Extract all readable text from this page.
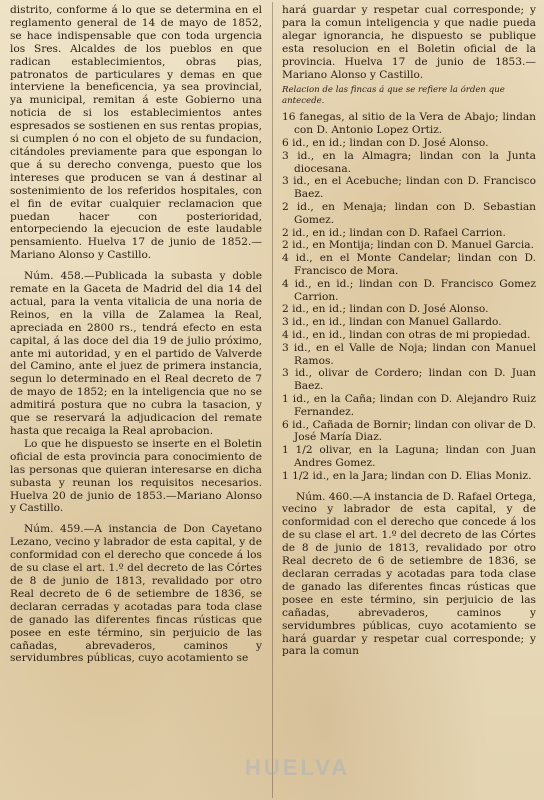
distrito, conforme á lo que se determina en el reglamento general de 14 de mayo de 1852, se hace indispensable que con toda urgencia los Sres. Alcaldes de los pueblos en que radican establecimientos, obras pias, patronatos de particulares y demas en que interviene la beneficencia, ya sea provincial, ya municipal, remitan á este Gobierno una noticia de si los establecimientos antes espresados se sostienen en sus rentas propias, si cumplen ó no con el objeto de su fundacion, citándoles previamente para que espongan lo que á su derecho convenga, puesto que los intereses que producen se van á destinar al sostenimiento de los referidos hospitales, con el fin de evitar cualquier reclamacion que puedan hacer con posterioridad, entorpeciendo la ejecucion de este laudable pensamiento. Huelva 17 de junio de 1852.—Mariano Alonso y Castillo.

Núm. 458.—Publicada la subasta y doble remate en la Gaceta de Madrid del dia 14 del actual, para la venta vitalicia de una noria de Reinos, en la villa de Zalamea la Real, apreciada en 2800 rs., tendrá efecto en esta capital, á las doce del dia 19 de julio próximo, ante mi autoridad, y en el partido de Valverde del Camino, ante el juez de primera instancia, segun lo determinado en el Real decreto de 7 de mayo de 1852; en la inteligencia que no se admitirá postura que no cubra la tasacion, y que se reservará la adjudicacion del remate hasta que recaiga la Real aprobacion.

Lo que he dispuesto se inserte en el Boletin oficial de esta provincia para conocimiento de las personas que quieran interesarse en dicha subasta y reunan los requisitos necesarios. Huelva 20 de junio de 1853.—Mariano Alonso y Castillo.

Núm. 459.—A instancia de Don Cayetano Lezano, vecino y labrador de esta capital, y de conformidad con el derecho que concede á los de su clase el art. 1.º del decreto de las Córtes de 8 de junio de 1813, revalidado por otro Real decreto de 6 de setiembre de 1836, se declaran cerradas y acotadas para toda clase de ganado las diferentes fincas rústicas que posee en este término, sin perjuicio de las cañadas, abrevaderos, caminos y servidumbres públicas, cuyo acotamiento se

hará guardar y respetar cual corresponde; y para la comun inteligencia y que nadie pueda alegar ignorancia, he dispuesto se publique esta resolucion en el Boletin oficial de la provincia. Huelva 17 de junio de 1853.—Mariano Alonso y Castillo.

Relacion de las fincas á que se refiere la órden que antecede.

16 fanegas, al sitio de la Vera de Abajo; lindan con D. Antonio Lopez Ortiz.
6 id., en id.; lindan con D. José Alonso.
3 id., en la Almagra; lindan con la Junta diocesana.
3 id., en el Acebuche; lindan con D. Francisco Baez.
2 id., en Menaja; lindan con D. Sebastian Gomez.
2 id., en id.; lindan con D. Rafael Carrion.
2 id., en Montija; lindan con D. Manuel Garcia.
4 id., en el Monte Candelar; lindan con D. Francisco de Mora.
4 id., en id.; lindan con D. Francisco Gomez Carrion.
2 id., en id.; lindan con D. José Alonso.
3 id., en id., lindan con Manuel Gallardo.
4 id., en id., lindan con otras de mi propiedad.
3 id., en el Valle de Noja; lindan con Manuel Ramos.
3 id., olivar de Cordero; lindan con D. Juan Baez.
1 id., en la Caña; lindan con D. Alejandro Ruiz Fernandez.
6 id., Cañada de Bornir; lindan con olivar de D. José María Diaz.
1 1/2 olivar, en la Laguna; lindan con Juan Andres Gomez.
1 1/2 id., en la Jara; lindan con D. Elias Moniz.

Núm. 460.—A instancia de D. Rafael Ortega, vecino y labrador de esta capital, y de conformidad con el derecho que concede á los de su clase el art. 1.º del decreto de las Córtes de 8 de junio de 1813, revalidado por otro Real decreto de 6 de setiembre de 1836, se declaran cerradas y acotadas para toda clase de ganado las diferentes fincas rústicas que posee en este término, sin perjuicio de las cañadas, abrevaderos, caminos y servidumbres públicas, cuyo acotamiento se hará guardar y respetar cual corresponde; y para la comun

HUELVA
